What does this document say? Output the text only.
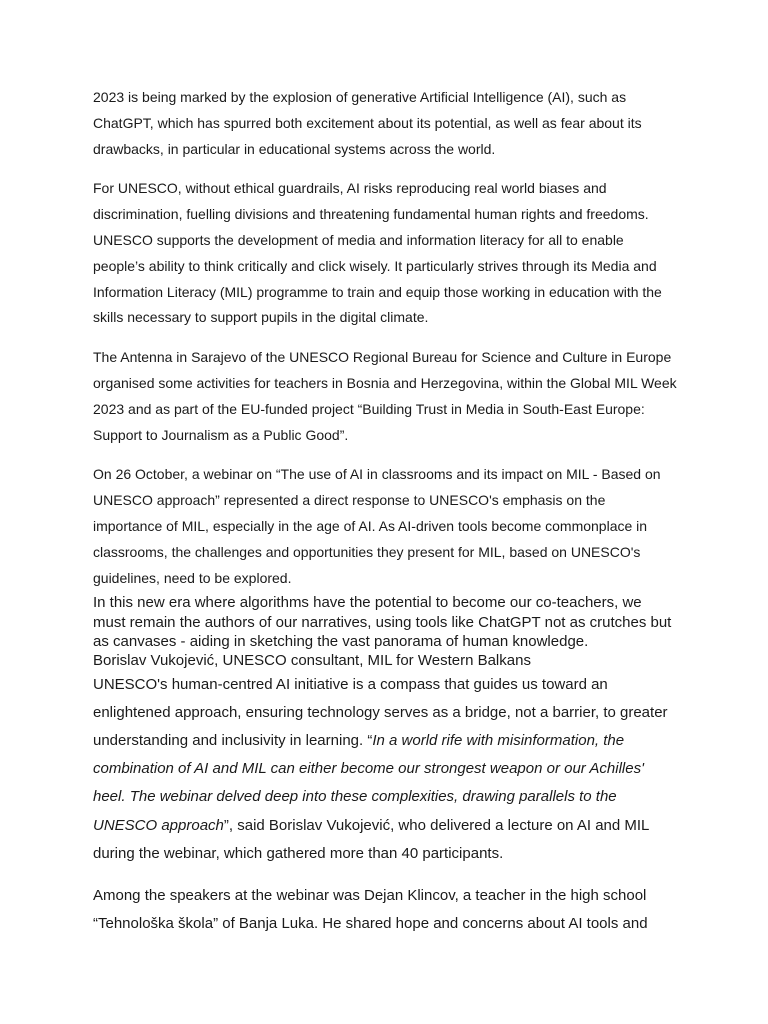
2023 is being marked by the explosion of generative Artificial Intelligence (AI), such as ChatGPT, which has spurred both excitement about its potential, as well as fear about its drawbacks, in particular in educational systems across the world.

For UNESCO, without ethical guardrails, AI risks reproducing real world biases and discrimination, fuelling divisions and threatening fundamental human rights and freedoms. UNESCO supports the development of media and information literacy for all to enable people’s ability to think critically and click wisely. It particularly strives through its Media and Information Literacy (MIL) programme to train and equip those working in education with the skills necessary to support pupils in the digital climate.

The Antenna in Sarajevo of the UNESCO Regional Bureau for Science and Culture in Europe organised some activities for teachers in Bosnia and Herzegovina, within the Global MIL Week 2023 and as part of the EU-funded project “Building Trust in Media in South-East Europe: Support to Journalism as a Public Good”.

On 26 October, a webinar on “The use of AI in classrooms and its impact on MIL - Based on UNESCO approach” represented a direct response to UNESCO's emphasis on the importance of MIL, especially in the age of AI. As AI-driven tools become commonplace in classrooms, the challenges and opportunities they present for MIL, based on UNESCO's guidelines, need to be explored.

In this new era where algorithms have the potential to become our co-teachers, we must remain the authors of our narratives, using tools like ChatGPT not as crutches but as canvases - aiding in sketching the vast panorama of human knowledge.
Borislav Vukojević, UNESCO consultant, MIL for Western Balkans

UNESCO's human-centred AI initiative is a compass that guides us toward an enlightened approach, ensuring technology serves as a bridge, not a barrier, to greater understanding and inclusivity in learning. “In a world rife with misinformation, the combination of AI and MIL can either become our strongest weapon or our Achilles' heel. The webinar delved deep into these complexities, drawing parallels to the UNESCO approach”, said Borislav Vukojević, who delivered a lecture on AI and MIL during the webinar, which gathered more than 40 participants.

Among the speakers at the webinar was Dejan Klincov, a teacher in the high school “Tehnološka škola” of Banja Luka. He shared hope and concerns about AI tools and
